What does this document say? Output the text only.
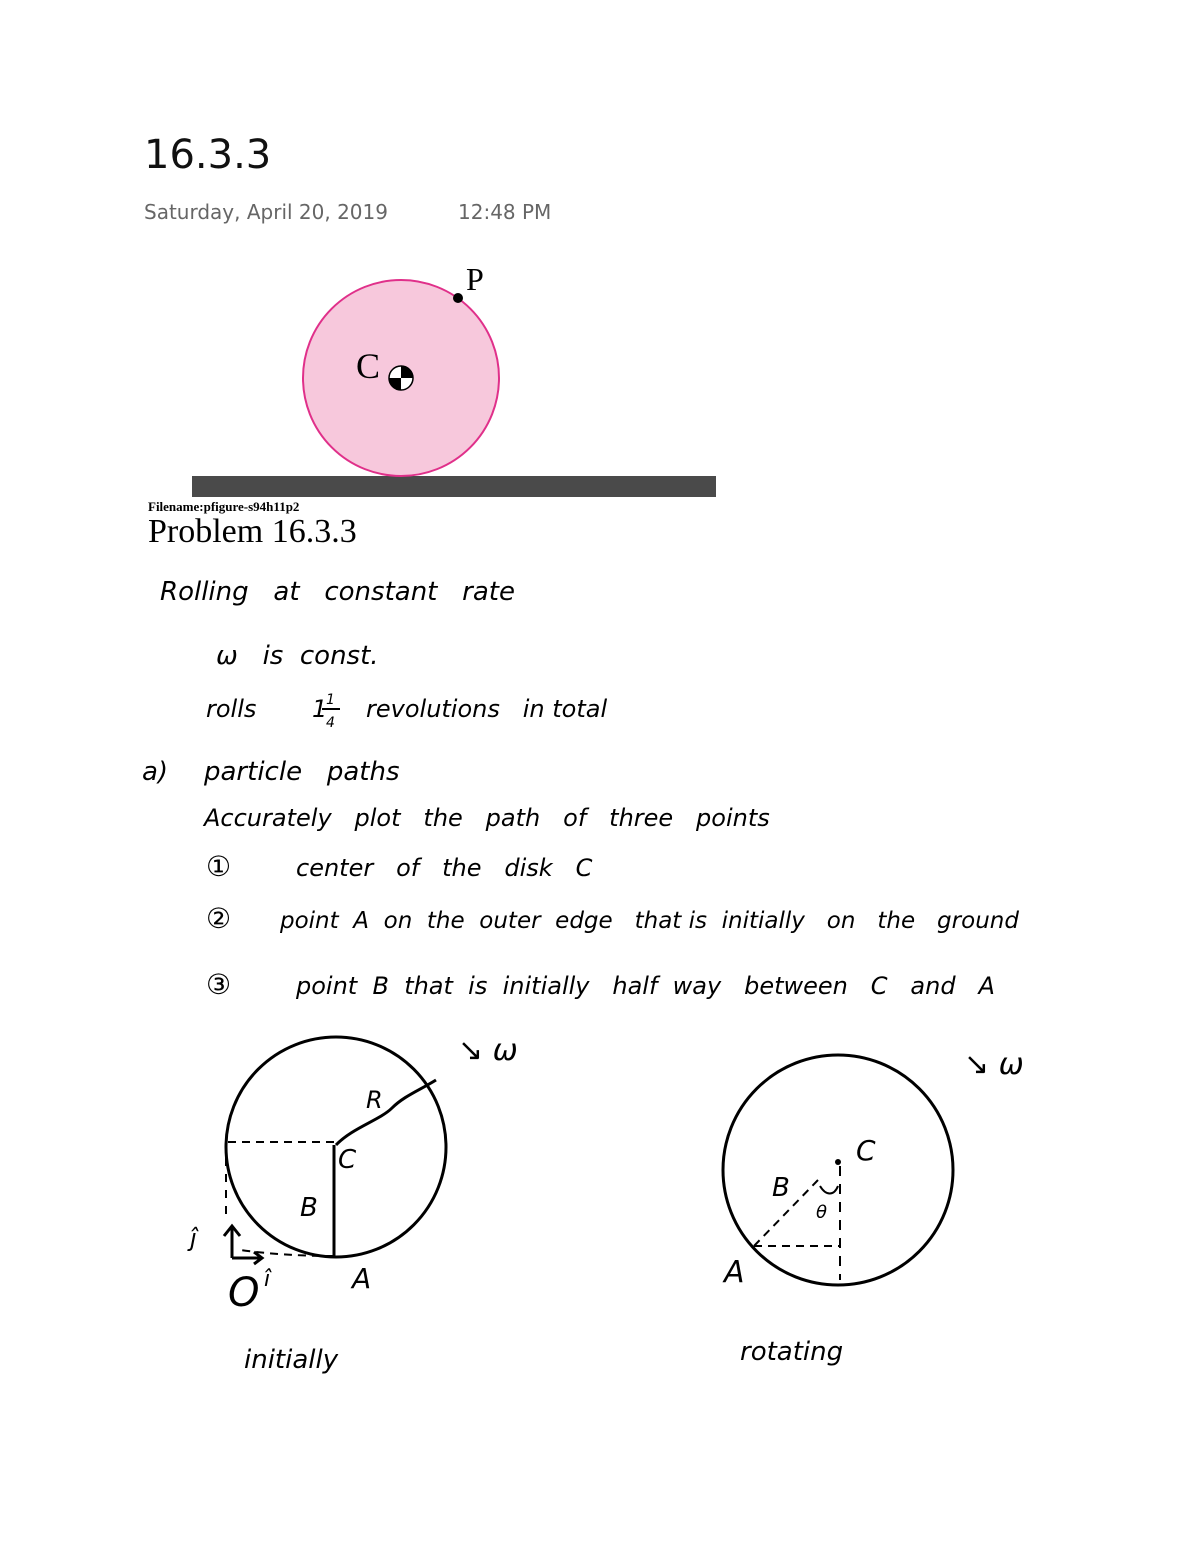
16.3.3
Saturday, April 20, 2019	12:48 PM
P
C
Filename:pfigure-s94h11p2
Problem 16.3.3
Rolling   at   constant   rate
ω   is  const.
rolls 1
1
4 revolutions   in total
a) particle   paths
Accurately   plot   the   path   of   three   points
①	center   of   the   disk   C
② point  A  on  the  outer  edge   that is  initially   on   the   ground
③	point  B  that  is  initially   half  way   between   C   and   A
↘ ω
R
C
B
A
O î
ĵ
initially
↘ ω
C
B
θ
A
rotating
